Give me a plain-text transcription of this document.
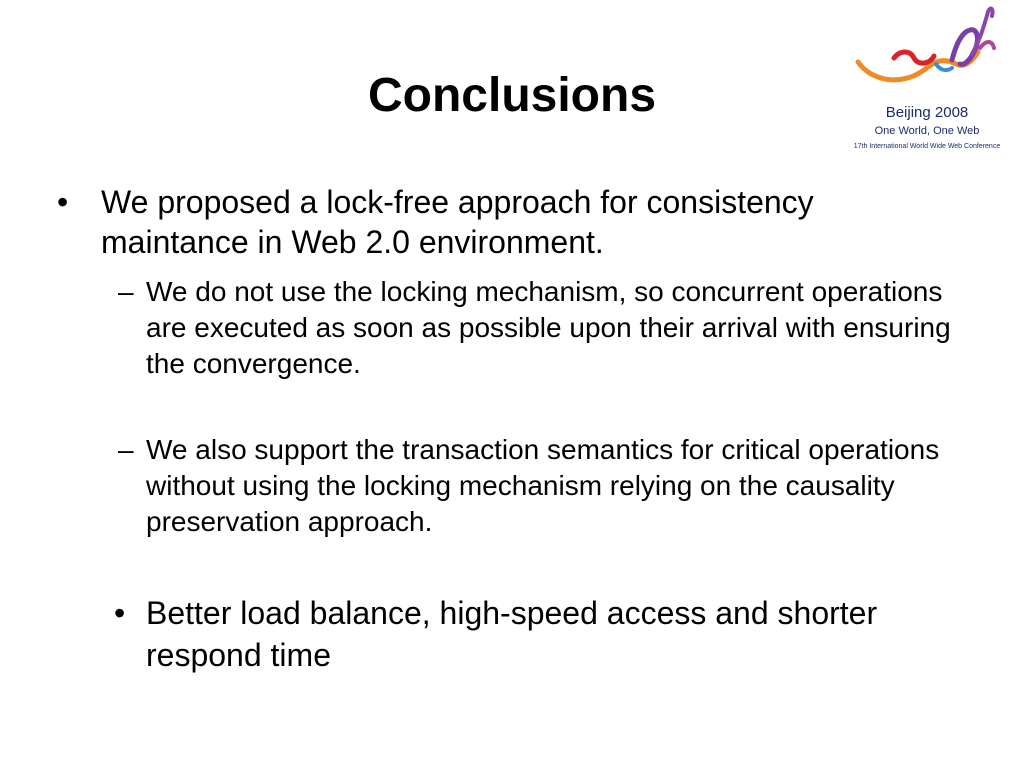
Conclusions	Beijing 2008
One World, One Web
17th International World Wide Web Conference
• We proposed a lock-free approach for consistency maintance in Web 2.0 environment.
– We do not use the locking mechanism, so concurrent operations are executed as soon as possible upon their arrival with ensuring the convergence.
– We also support the transaction semantics for critical operations without using the locking mechanism relying on the causality preservation approach.
• Better load balance, high-speed access and shorter respond time
